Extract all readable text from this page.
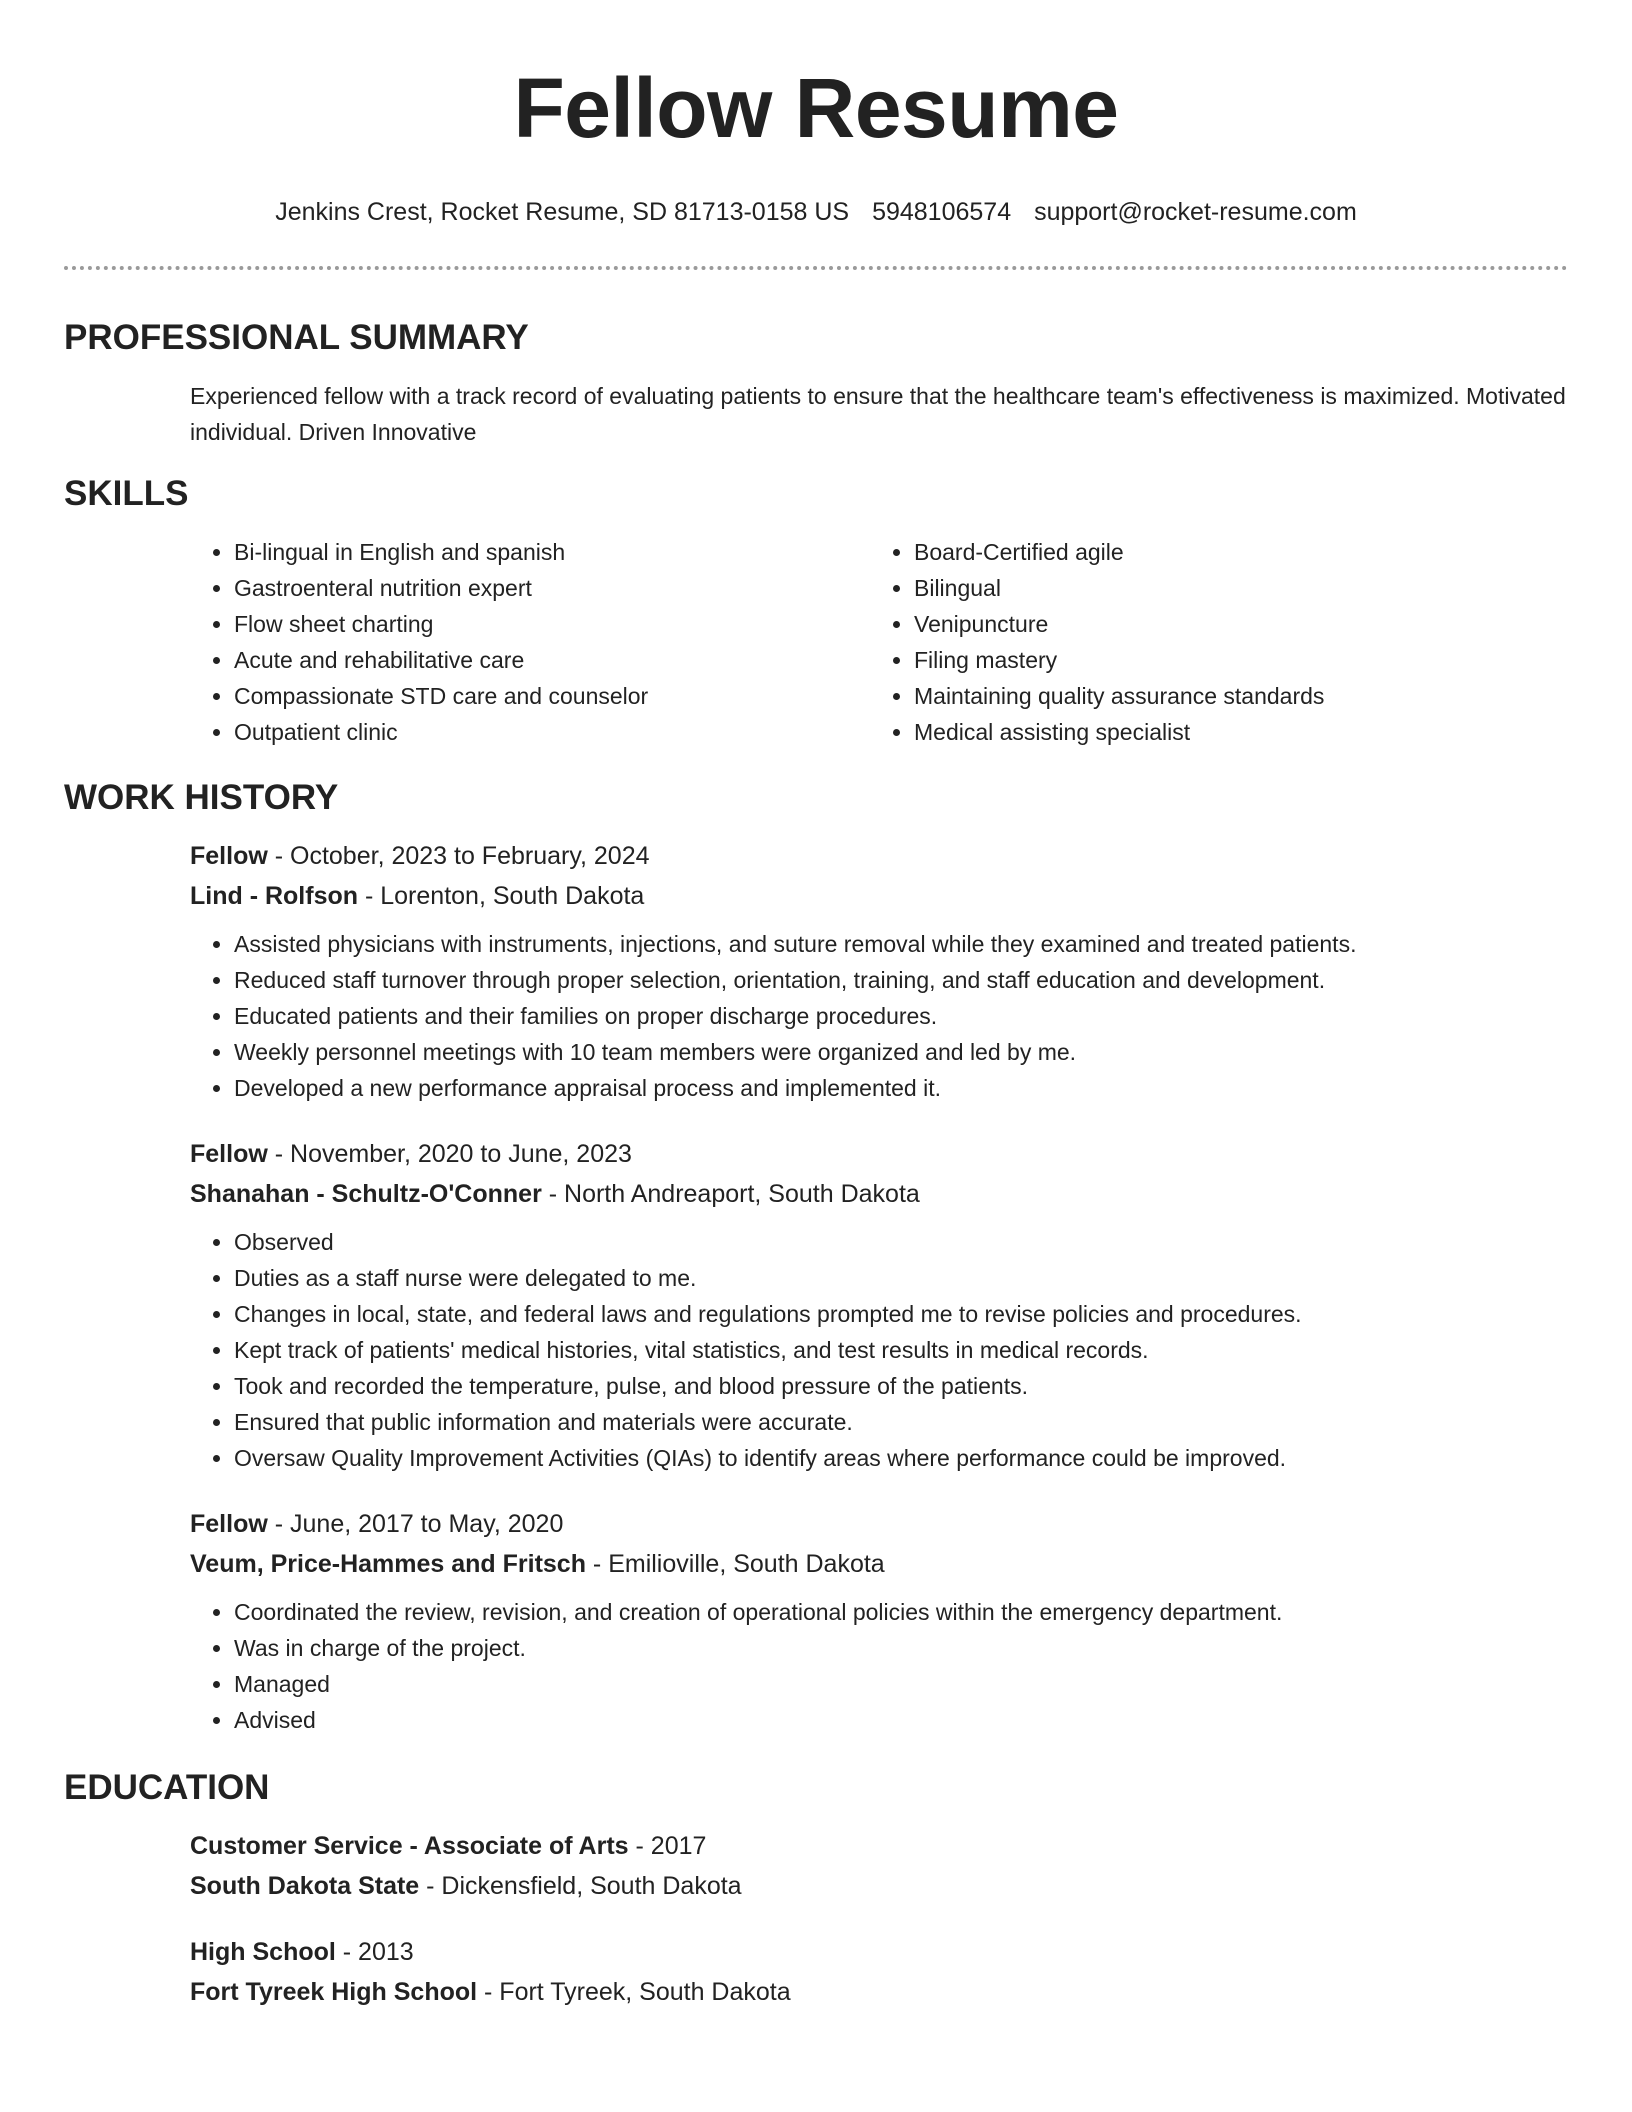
Fellow Resume
Jenkins Crest, Rocket Resume, SD 81713-0158 US 5948106574 support@rocket-resume.com
PROFESSIONAL SUMMARY

Experienced fellow with a track record of evaluating patients to ensure that the healthcare team's effectiveness is maximized. Motivated individual. Driven Innovative

SKILLS
• Bi-lingual in English and spanish
• Gastroenteral nutrition expert
• Flow sheet charting
• Acute and rehabilitative care
• Compassionate STD care and counselor
• Outpatient clinic
• Board-Certified agile
• Bilingual
• Venipuncture
• Filing mastery
• Maintaining quality assurance standards
• Medical assisting specialist
WORK HISTORY
Fellow - October, 2023 to February, 2024
Lind - Rolfson - Lorenton, South Dakota
• Assisted physicians with instruments, injections, and suture removal while they examined and treated patients.
• Reduced staff turnover through proper selection, orientation, training, and staff education and development.
• Educated patients and their families on proper discharge procedures.
• Weekly personnel meetings with 10 team members were organized and led by me.
• Developed a new performance appraisal process and implemented it.
Fellow - November, 2020 to June, 2023
Shanahan - Schultz-O'Conner - North Andreaport, South Dakota
• Observed
• Duties as a staff nurse were delegated to me.
• Changes in local, state, and federal laws and regulations prompted me to revise policies and procedures.
• Kept track of patients' medical histories, vital statistics, and test results in medical records.
• Took and recorded the temperature, pulse, and blood pressure of the patients.
• Ensured that public information and materials were accurate.
• Oversaw Quality Improvement Activities (QIAs) to identify areas where performance could be improved.
Fellow - June, 2017 to May, 2020
Veum, Price-Hammes and Fritsch - Emilioville, South Dakota
• Coordinated the review, revision, and creation of operational policies within the emergency department.
• Was in charge of the project.
• Managed
• Advised
EDUCATION
Customer Service - Associate of Arts - 2017
South Dakota State - Dickensfield, South Dakota
High School - 2013
Fort Tyreek High School - Fort Tyreek, South Dakota
